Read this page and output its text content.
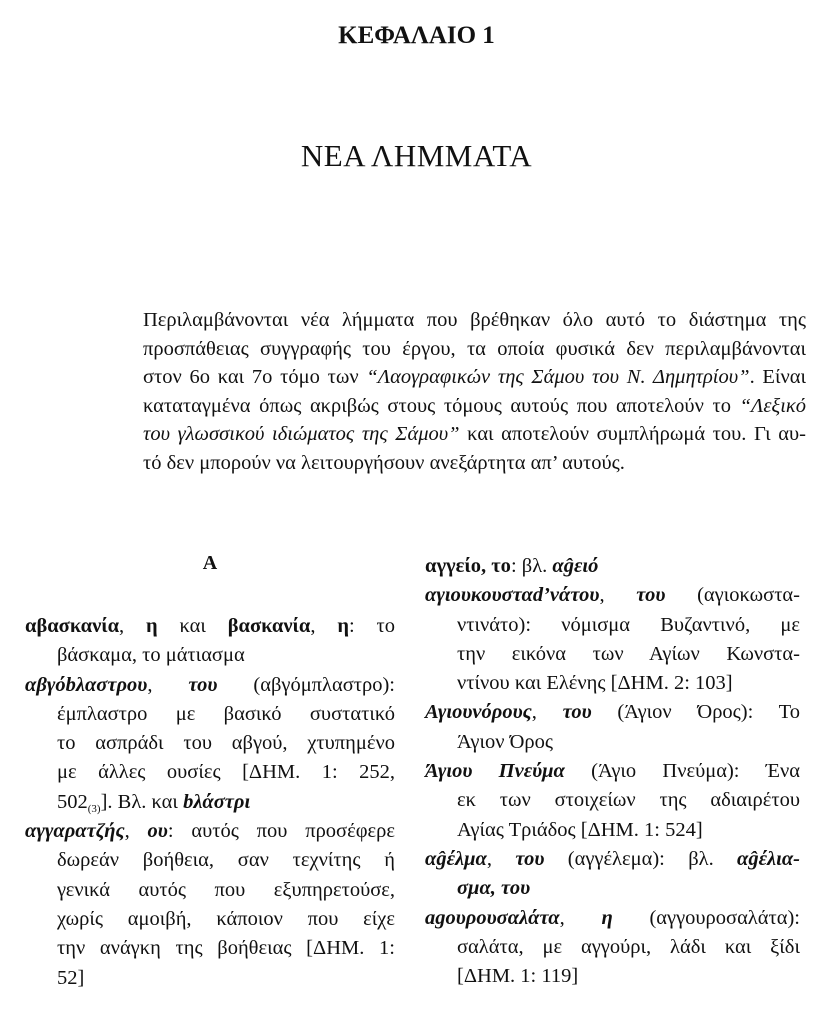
ΚΕΦΑΛΑΙΟ 1
ΝΕΑ ΛΗΜΜΑΤΑ
Περιλαμβάνονται νέα λήμματα που βρέθηκαν όλο αυτό το διάστημα της
προσπάθειας συγγραφής του έργου, τα οποία φυσικά δεν περιλαμβάνονται
στον 6ο και 7ο τόμο των “Λαογραφικών της Σάμου του Ν. Δημητρίου”. Είναι
καταταγμένα όπως ακριβώς στους τόμους αυτούς που αποτελούν το “Λεξικό
του γλωσσικού ιδιώματος της Σάμου” και αποτελούν συμπλήρωμά του. Γι αυ-
τό δεν μπορούν να λειτουργήσουν ανεξάρτητα απ’ αυτούς.
Α
αβασκανία, η και βασκανία, η: το
βάσκαμα, το μάτιασμα
αβγόbλαστρου, του (αβγόμπλαστρο):
έμπλαστρο με βασικό συστατικό
το ασπράδι του αβγού, χτυπημένο
με άλλες ουσίες [ΔΗΜ. 1: 252,
$502_{(3)}$]. Βλ. και bλάστρι
αγγαρατζής, ου: αυτός που προσέφερε
δωρεάν βοήθεια, σαν τεχνίτης ή
γενικά αυτός που εξυπηρετούσε,
χωρίς αμοιβή, κάποιον που είχε
την ανάγκη της βοήθειας [ΔΗΜ. 1:
52]
αγγείο, το: βλ. αĝειό
αγιουκουσταd’νάτου, του (αγιοκωστα-
ντινάτο): νόμισμα Βυζαντινό, με
την εικόνα των Αγίων Κωνστα-
ντίνου και Ελένης [ΔΗΜ. 2: 103]
Αγιουνόρους, του (Άγιον Όρος): Το
Άγιον Όρος
Άγιου Πνεύμα (Άγιο Πνεύμα): Ένα
εκ των στοιχείων της αδιαιρέτου
Αγίας Τριάδος [ΔΗΜ. 1: 524]
αĝέλμα, του (αγγέλεμα): βλ. αĝέλια-
σμα, του
agουρουσαλάτα, η (αγγουροσαλάτα):
σαλάτα, με αγγούρι, λάδι και ξίδι
[ΔΗΜ. 1: 119]
